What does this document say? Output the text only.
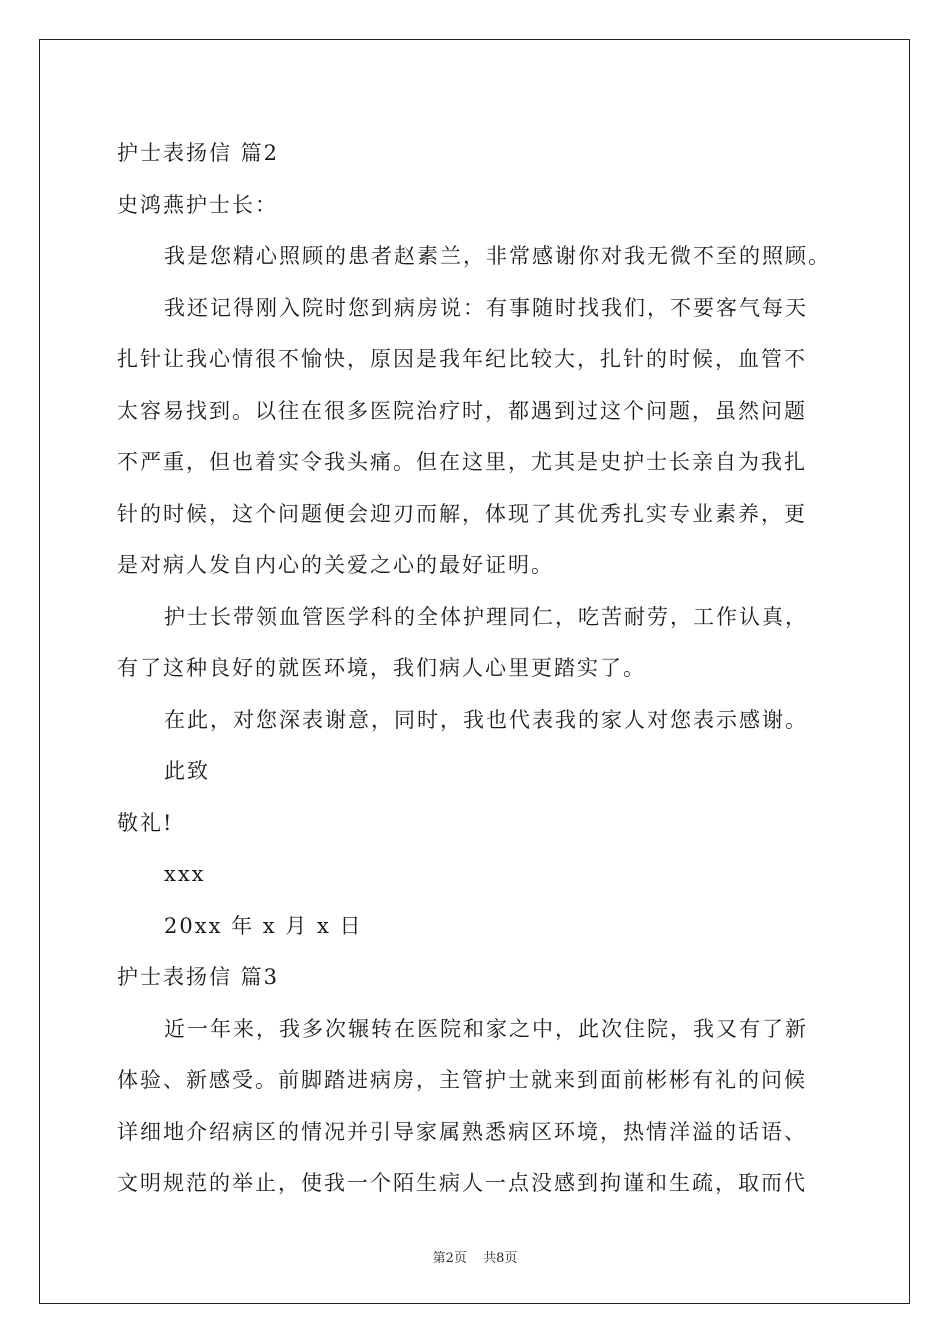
护士表扬信 篇2
史鸿燕护士长：
我是您精心照顾的患者赵素兰，非常感谢你对我无微不至的照顾。
我还记得刚入院时您到病房说：有事随时找我们，不要客气每天
扎针让我心情很不愉快，原因是我年纪比较大，扎针的时候，血管不
太容易找到。以往在很多医院治疗时，都遇到过这个问题，虽然问题
不严重，但也着实令我头痛。但在这里，尤其是史护士长亲自为我扎
针的时候，这个问题便会迎刃而解，体现了其优秀扎实专业素养，更
是对病人发自内心的关爱之心的最好证明。
护士长带领血管医学科的全体护理同仁，吃苦耐劳，工作认真，
有了这种良好的就医环境，我们病人心里更踏实了。
在此，对您深表谢意，同时，我也代表我的家人对您表示感谢。
此致
敬礼!
xxx
20xx 年 x 月 x 日
护士表扬信 篇3
近一年来，我多次辗转在医院和家之中，此次住院，我又有了新
体验、新感受。前脚踏进病房，主管护士就来到面前彬彬有礼的问候
详细地介绍病区的情况并引导家属熟悉病区环境，热情洋溢的话语、
文明规范的举止，使我一个陌生病人一点没感到拘谨和生疏，取而代
第2页 共8页
